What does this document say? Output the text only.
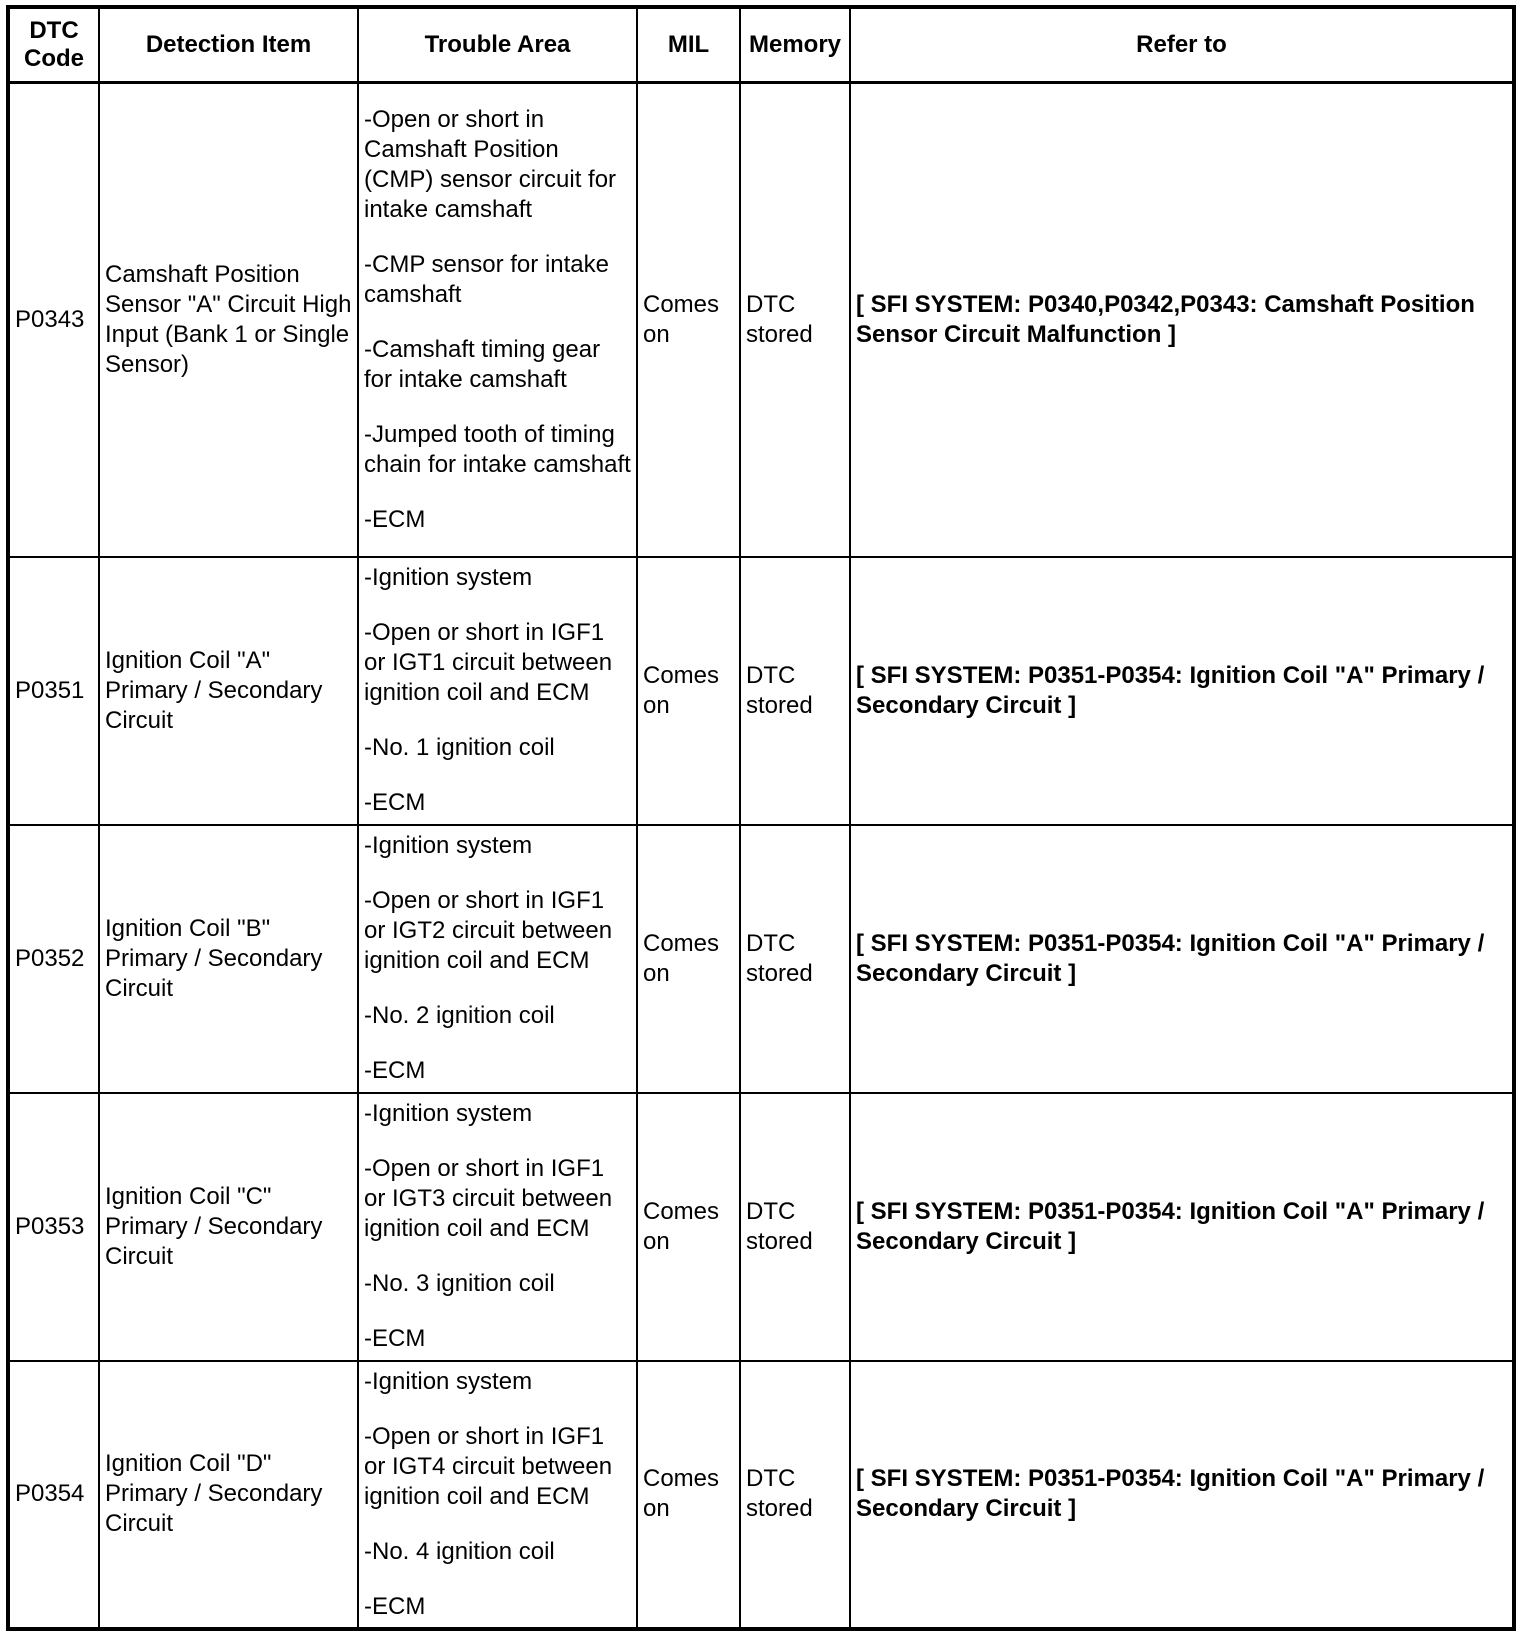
DTC Code	Detection Item	Trouble Area	MIL	Memory	Refer to
P0343	Camshaft Position Sensor "A" Circuit High Input (Bank 1 or Single Sensor)	-Open or short in Camshaft Position (CMP) sensor circuit for intake camshaft

-CMP sensor for intake camshaft

-Camshaft timing gear for intake camshaft

-Jumped tooth of timing chain for intake camshaft

-ECM	Comes on	DTC stored	[ SFI SYSTEM: P0340,P0342,P0343: Camshaft Position Sensor Circuit Malfunction ]
P0351	Ignition Coil "A" Primary / Secondary Circuit	-Ignition system

-Open or short in IGF1 or IGT1 circuit between ignition coil and ECM

-No. 1 ignition coil

-ECM	Comes on	DTC stored	[ SFI SYSTEM: P0351-P0354: Ignition Coil "A" Primary / Secondary Circuit ]
P0352	Ignition Coil "B" Primary / Secondary Circuit	-Ignition system

-Open or short in IGF1 or IGT2 circuit between ignition coil and ECM

-No. 2 ignition coil

-ECM	Comes on	DTC stored	[ SFI SYSTEM: P0351-P0354: Ignition Coil "A" Primary / Secondary Circuit ]
P0353	Ignition Coil "C" Primary / Secondary Circuit	-Ignition system

-Open or short in IGF1 or IGT3 circuit between ignition coil and ECM

-No. 3 ignition coil

-ECM	Comes on	DTC stored	[ SFI SYSTEM: P0351-P0354: Ignition Coil "A" Primary / Secondary Circuit ]
P0354	Ignition Coil "D" Primary / Secondary Circuit	-Ignition system

-Open or short in IGF1 or IGT4 circuit between ignition coil and ECM

-No. 4 ignition coil

-ECM	Comes on	DTC stored	[ SFI SYSTEM: P0351-P0354: Ignition Coil "A" Primary / Secondary Circuit ]
